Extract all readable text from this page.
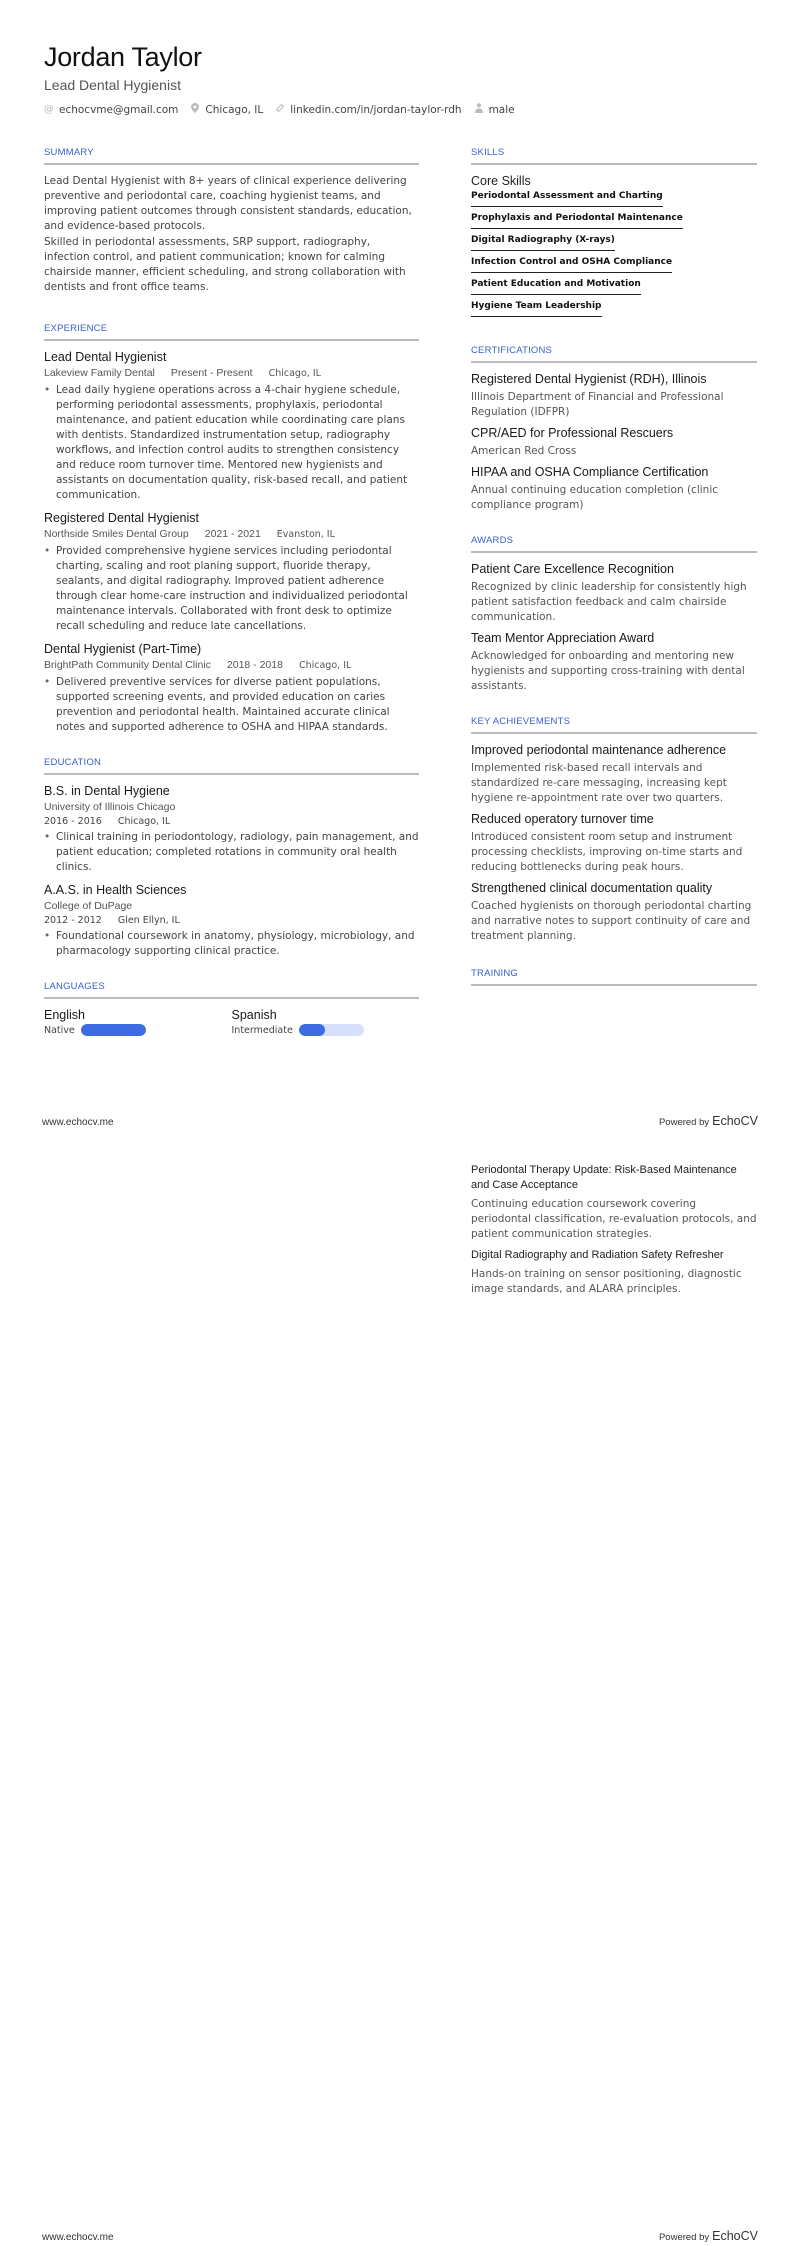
Jordan Taylor
Lead Dental Hygienist
@ echocvme@gmail.com	Chicago, IL	linkedin.com/in/jordan-taylor-rdh	male
SUMMARY

Lead Dental Hygienist with 8+ years of clinical experience delivering preventive and periodontal care, coaching hygienist teams, and improving patient outcomes through consistent standards, education, and evidence-based protocols.

Skilled in periodontal assessments, SRP support, radiography, infection control, and patient communication; known for calming chairside manner, efficient scheduling, and strong collaboration with dentists and front office teams.

EXPERIENCE
Lead Dental Hygienist
Lakeview Family Dental Present - Present Chicago, IL
• Lead daily hygiene operations across a 4-chair hygiene schedule, performing periodontal assessments, prophylaxis, periodontal maintenance, and patient education while coordinating care plans with dentists. Standardized instrumentation setup, radiography workflows, and infection control audits to strengthen consistency and reduce room turnover time. Mentored new hygienists and assistants on documentation quality, risk-based recall, and patient communication.
Registered Dental Hygienist
Northside Smiles Dental Group 2021 - 2021 Evanston, IL
• Provided comprehensive hygiene services including periodontal charting, scaling and root planing support, fluoride therapy, sealants, and digital radiography. Improved patient adherence through clear home-care instruction and individualized periodontal maintenance intervals. Collaborated with front desk to optimize recall scheduling and reduce late cancellations.
Dental Hygienist (Part-Time)
BrightPath Community Dental Clinic 2018 - 2018 Chicago, IL
• Delivered preventive services for diverse patient populations, supported screening events, and provided education on caries prevention and periodontal health. Maintained accurate clinical notes and supported adherence to OSHA and HIPAA standards.
EDUCATION
B.S. in Dental Hygiene
University of Illinois Chicago
2016 - 2016 Chicago, IL
• Clinical training in periodontology, radiology, pain management, and patient education; completed rotations in community oral health clinics.
A.A.S. in Health Sciences
College of DuPage
2012 - 2012 Glen Ellyn, IL
• Foundational coursework in anatomy, physiology, microbiology, and pharmacology supporting clinical practice.
LANGUAGES
English
Native
Spanish
Intermediate
SKILLS
Core Skills
Periodontal Assessment and Charting
Prophylaxis and Periodontal Maintenance
Digital Radiography (X-rays)
Infection Control and OSHA Compliance
Patient Education and Motivation
Hygiene Team Leadership
CERTIFICATIONS
Registered Dental Hygienist (RDH), Illinois
Illinois Department of Financial and Professional Regulation (IDFPR)
CPR/AED for Professional Rescuers
American Red Cross
HIPAA and OSHA Compliance Certification
Annual continuing education completion (clinic compliance program)
AWARDS
Patient Care Excellence Recognition
Recognized by clinic leadership for consistently high patient satisfaction feedback and calm chairside communication.
Team Mentor Appreciation Award
Acknowledged for onboarding and mentoring new hygienists and supporting cross-training with dental assistants.
KEY ACHIEVEMENTS
Improved periodontal maintenance adherence
Implemented risk-based recall intervals and standardized re-care messaging, increasing kept hygiene re-appointment rate over two quarters.
Reduced operatory turnover time
Introduced consistent room setup and instrument processing checklists, improving on-time starts and reducing bottlenecks during peak hours.
Strengthened clinical documentation quality
Coached hygienists on thorough periodontal charting and narrative notes to support continuity of care and treatment planning.
TRAINING
www.echocv.me	Powered by EchoCV
Periodontal Therapy Update: Risk-Based Maintenance and Case Acceptance
Continuing education coursework covering periodontal classification, re-evaluation protocols, and patient communication strategies.
Digital Radiography and Radiation Safety Refresher
Hands-on training on sensor positioning, diagnostic image standards, and ALARA principles.
www.echocv.me	Powered by EchoCV
